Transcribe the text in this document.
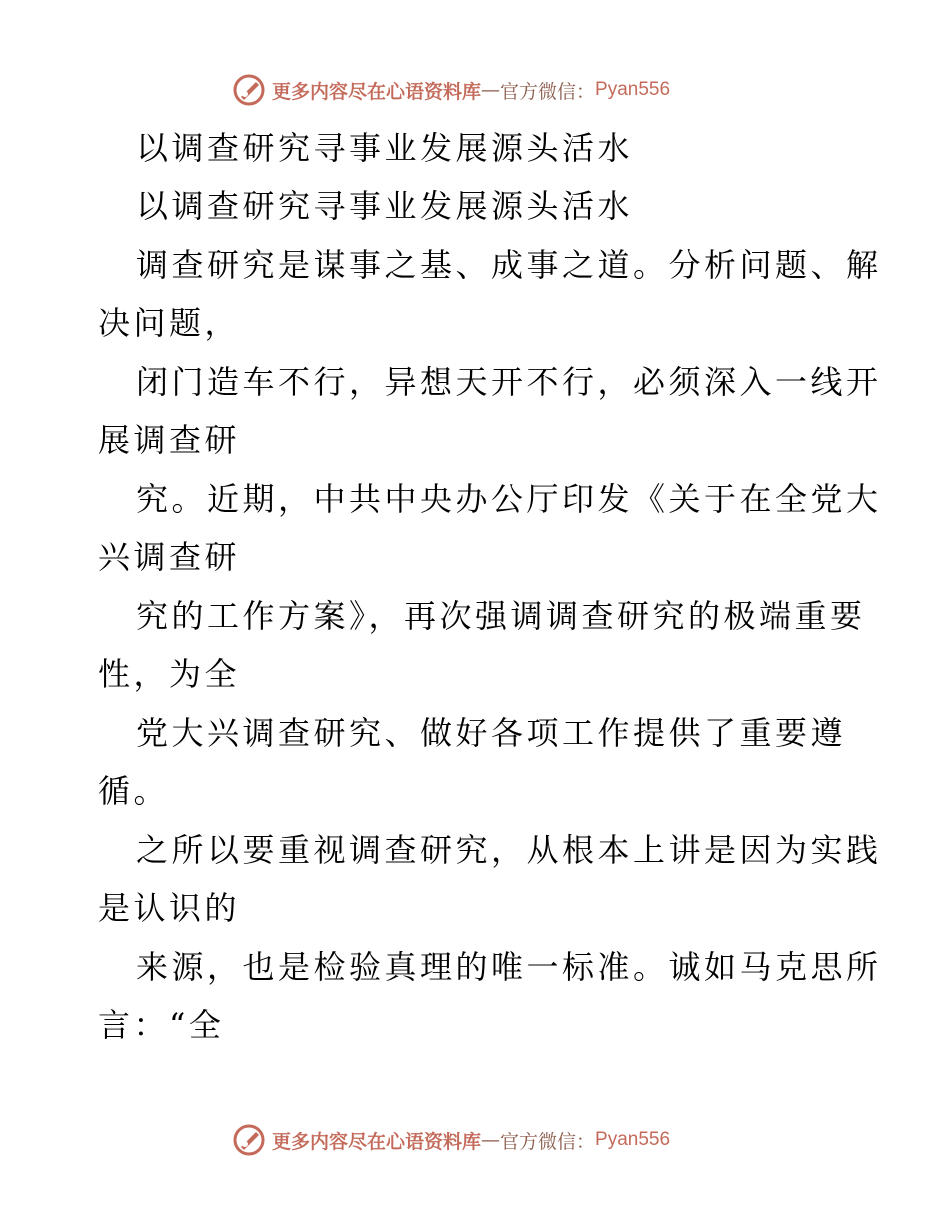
更多内容尽在心语资料库 — 官方微信： Pyan556
以调查研究寻事业发展源头活水
以调查研究寻事业发展源头活水
调查研究是谋事之基、成事之道。分析问题、解
决问题，
闭门造车不行，异想天开不行，必须深入一线开
展调查研
究。近期，中共中央办公厅印发《关于在全党大
兴调查研
究的工作方案》，再次强调调查研究的极端重要
性，为全
党大兴调查研究、做好各项工作提供了重要遵
循。
之所以要重视调查研究，从根本上讲是因为实践
是认识的
来源，也是检验真理的唯一标准。诚如马克思所
言：“全
更多内容尽在心语资料库 — 官方微信： Pyan556
